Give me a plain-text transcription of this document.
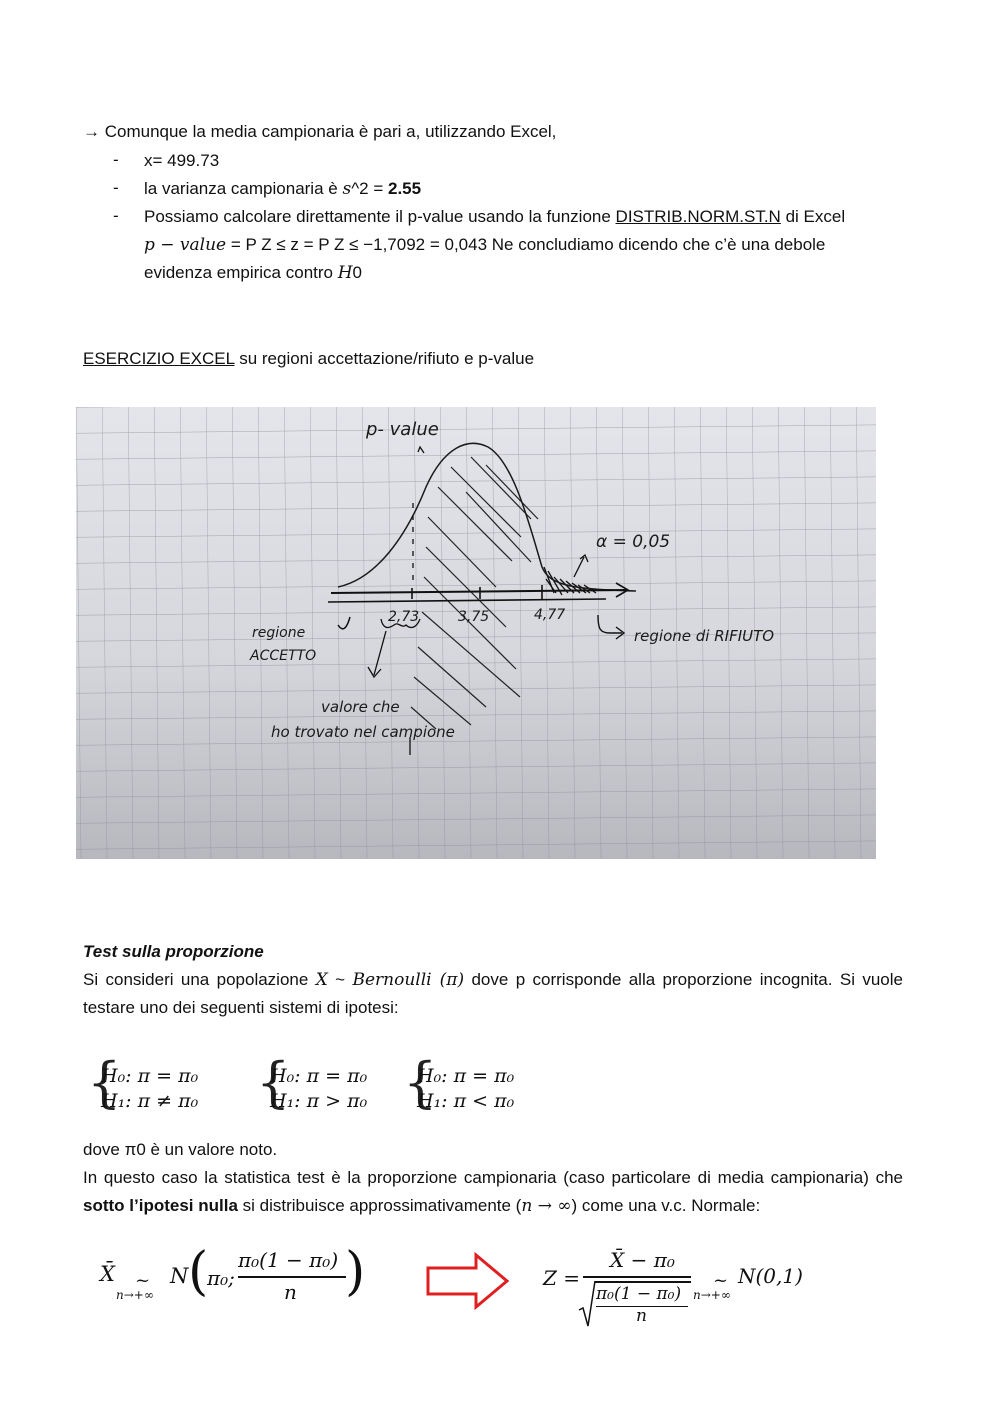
→ Comunque la media campionaria è pari a, utilizzando Excel,
- x= 499.73
- la varianza campionaria è s^2 = 2.55
- Possiamo calcolare direttamente il p-value usando la funzione DISTRIB.NORM.ST.N di Excel
p − value = P Z ≤ z = P Z ≤ −1,7092 = 0,043 Ne concludiamo dicendo che c’è una debole
evidenza empirica contro H0
ESERCIZIO EXCEL su regioni accettazione/rifiuto e p-value
p- value
α = 0,05
2,73	3,75	4,77
regione
ACCETTO
regione di RIFIUTO
valore che
ho trovato nel campione
Test sulla proporzione
Si consideri una popolazione X ~ Bernoulli (π) dove p corrisponde alla proporzione incognita. Si vuole testare uno dei seguenti sistemi di ipotesi:
{
H₀: π = π₀
H₁: π ≠ π₀ {
H₀: π = π₀
H₁: π > π₀ {
H₀: π = π₀
H₁: π < π₀
dove π0 è un valore noto.
In questo caso la statistica test è la proporzione campionaria (caso particolare di media campionaria) che sotto l’ipotesi nulla si distribuisce approssimativamente (n → ∞) come una v.c. Normale:
X̄ ~
n→+∞
N (
π₀;
π₀(1 − π₀)
n )	Z =
X̄ − π₀
π₀(1 − π₀)
n
~
n→+∞
N(0,1)
